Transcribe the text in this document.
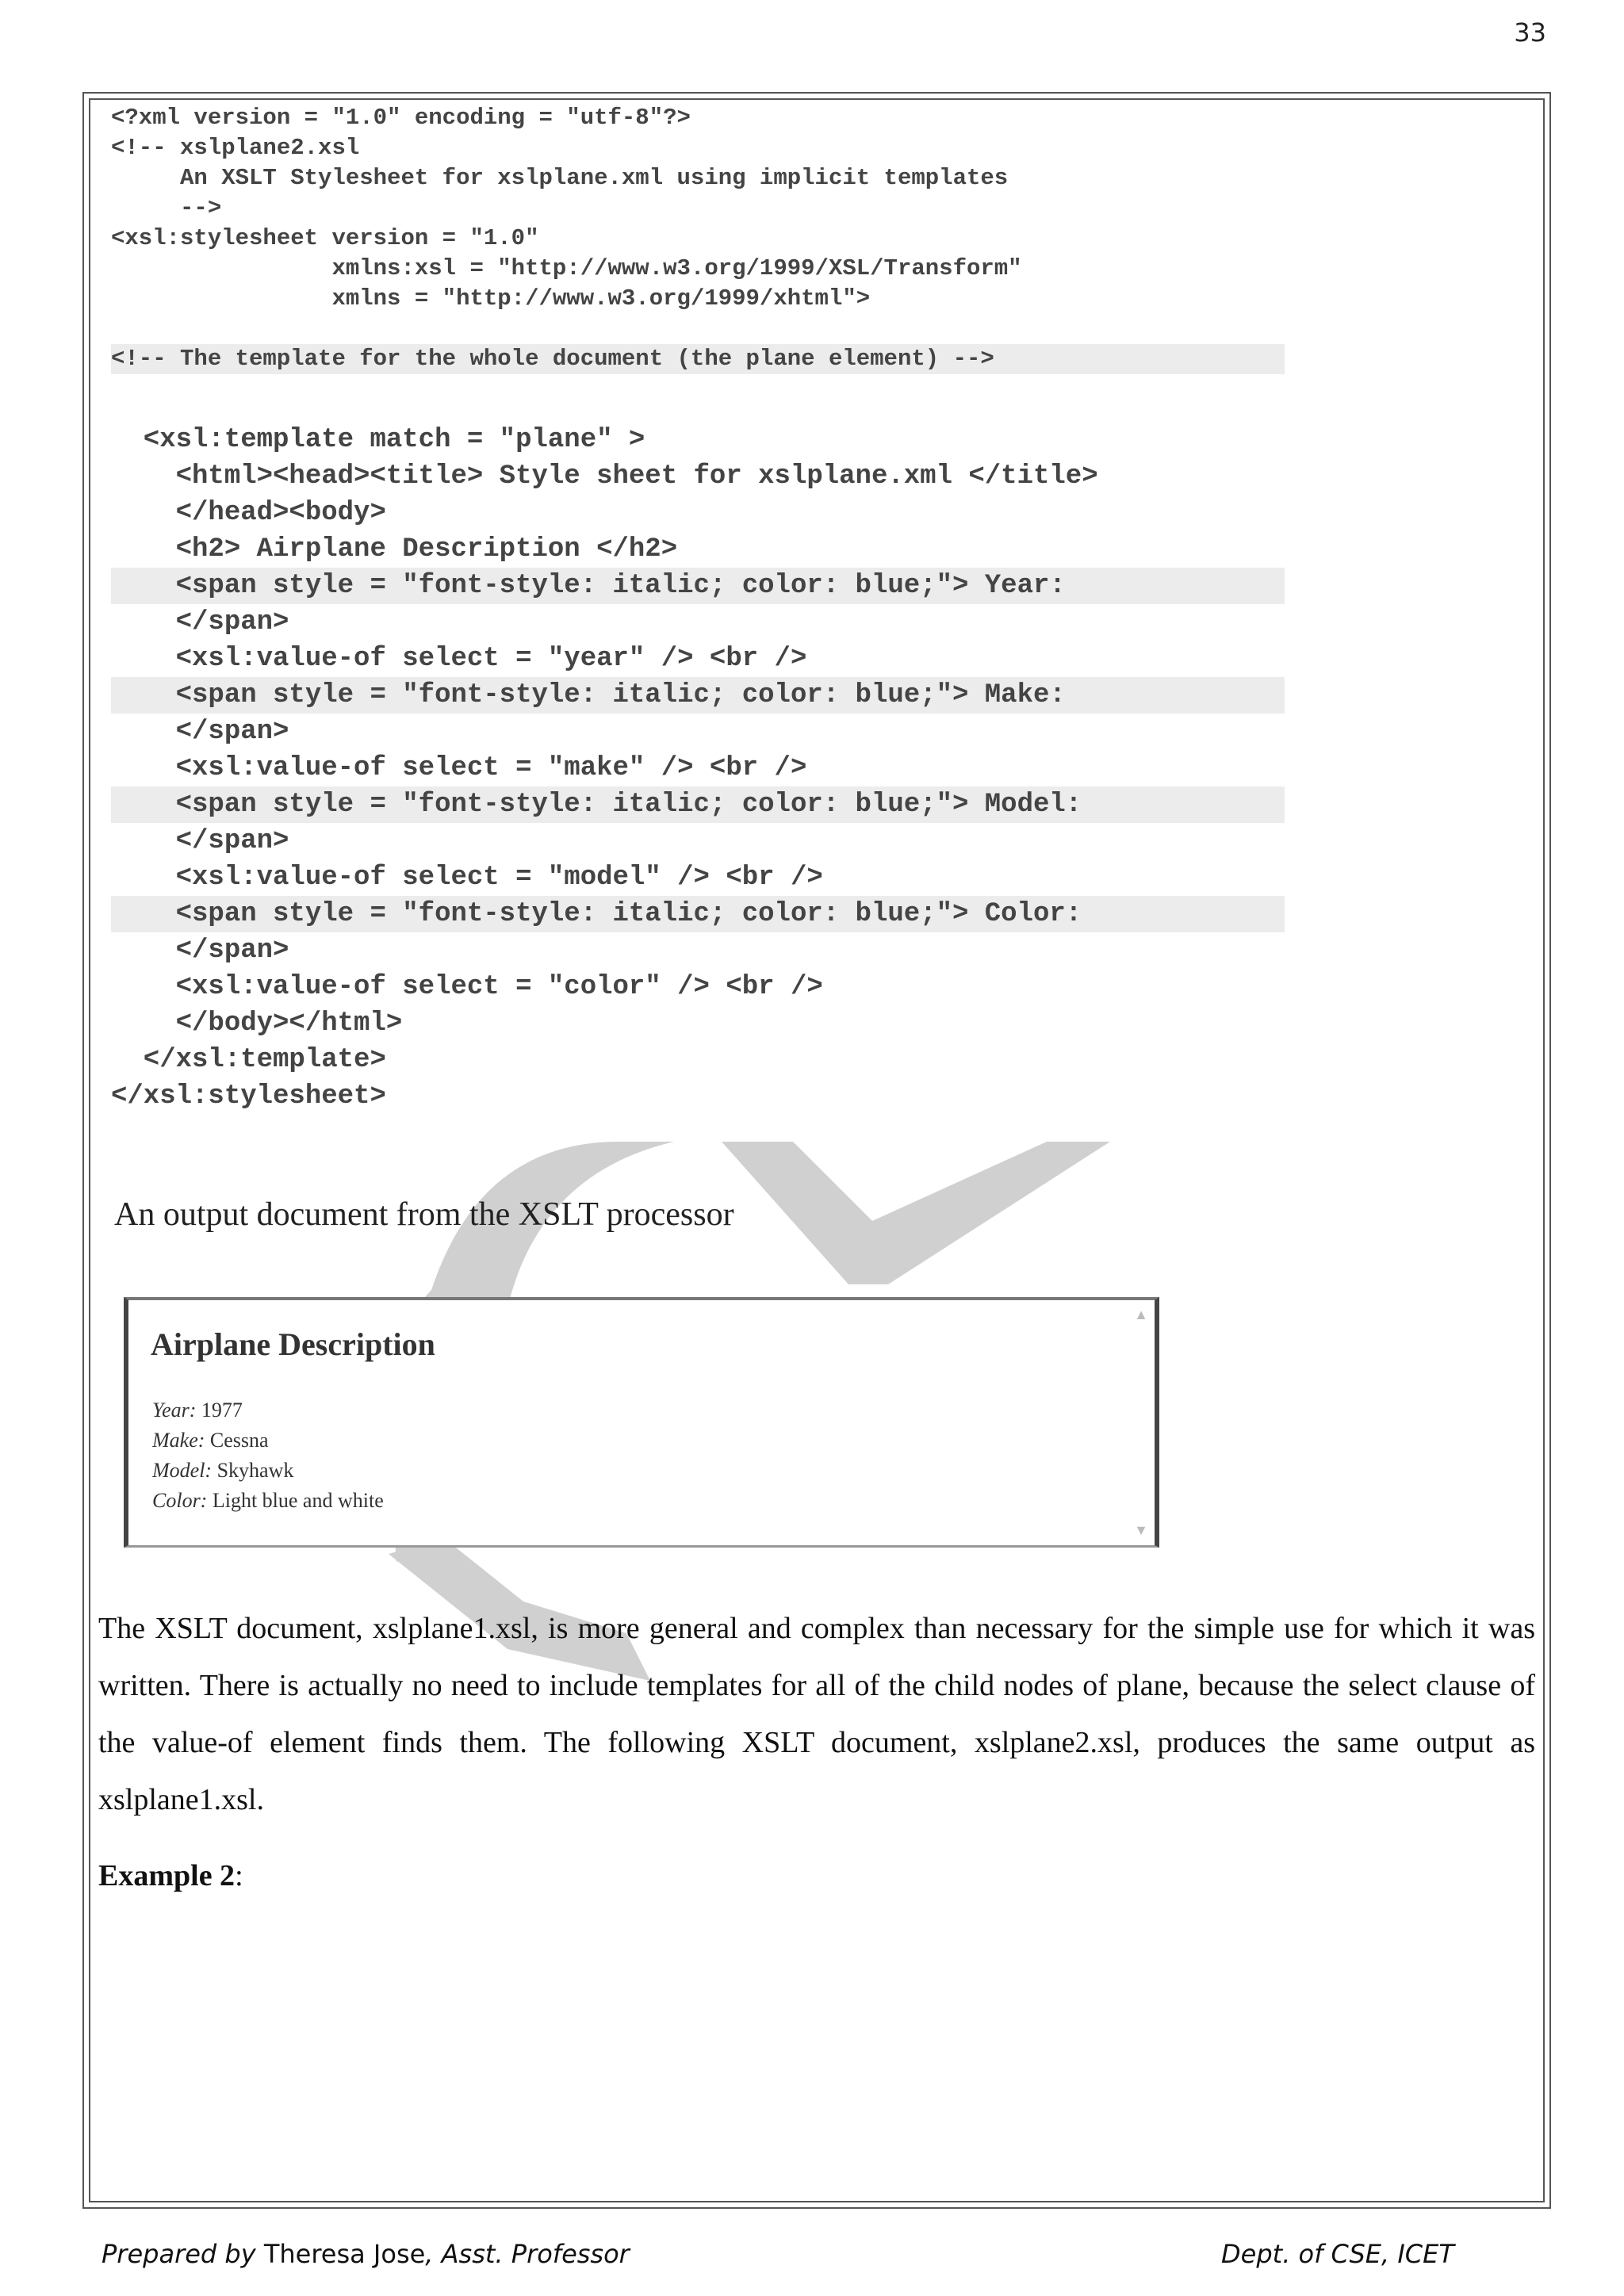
33
<?xml version = "1.0" encoding = "utf-8"?>
<!-- xslplane2.xsl
An XSLT Stylesheet for xslplane.xml using implicit templates
-->
<xsl:stylesheet version = "1.0"
xmlns:xsl = "http://www.w3.org/1999/XSL/Transform"
xmlns = "http://www.w3.org/1999/xhtml">

<!-- The template for the whole document (the plane element) -->
<xsl:template match = "plane" >
<html><head><title> Style sheet for xslplane.xml </title>
</head><body>
<h2> Airplane Description </h2>
<span style = "font-style: italic; color: blue;"> Year:
</span>
<xsl:value-of select = "year" /> <br />
<span style = "font-style: italic; color: blue;"> Make:
</span>
<xsl:value-of select = "make" /> <br />
<span style = "font-style: italic; color: blue;"> Model:
</span>
<xsl:value-of select = "model" /> <br />
<span style = "font-style: italic; color: blue;"> Color:
</span>
<xsl:value-of select = "color" /> <br />
</body></html>
</xsl:template>
</xsl:stylesheet>
An output document from the XSLT processor
▲
Airplane Description
Year: 1977
Make: Cessna
Model: Skyhawk
Color: Light blue and white
▼

The XSLT document, xslplane1.xsl, is more general and complex than necessary for the simple use for which it was written. There is actually no need to include templates for all of the child nodes of plane, because the select clause of the value-of element finds them. The following XSLT document, xslplane2.xsl, produces the same output as xslplane1.xsl.

Example 2:
Prepared by Theresa Jose, Asst. Professor	Dept. of CSE, ICET
